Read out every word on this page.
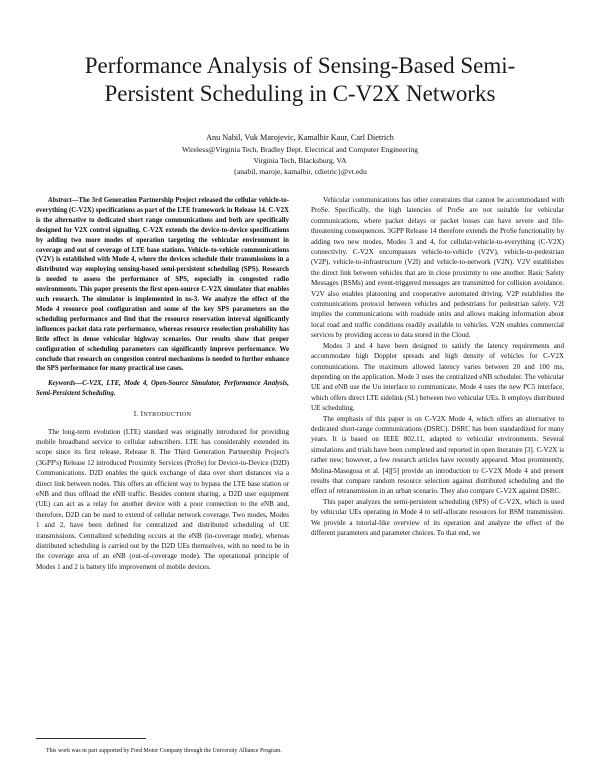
Performance Analysis of Sensing-Based Semi-
Persistent Scheduling in C-V2X Networks
Anu Nabil, Vuk Marojevic, Kamalbir Kaur, Carl Dietrich
Wireless@Virginia Tech, Bradley Dept. Electrical and Computer Engineering
Virginia Tech, Blacksburg, VA
{anabil, maroje, kamalbir, cdietric}@vt.edu

Abstract—The 3rd Generation Partnership Project released the cellular vehicle-to-everything (C-V2X) specifications as part of the LTE framework in Release 14. C-V2X is the alternative to dedicated short range communications and both are specifically designed for V2X control signaling. C-V2X extends the device-to-device specifications by adding two more modes of operation targeting the vehicular environment in coverage and out of coverage of LTE base stations. Vehicle-to-vehicle communications (V2V) is established with Mode 4, where the devices schedule their transmissions in a distributed way employing sensing-based semi-persistent scheduling (SPS). Research is needed to assess the performance of SPS, especially in congested radio environments. This paper presents the first open-source C-V2X simulator that enables such research. The simulator is implemented in ns-3. We analyze the effect of the Mode 4 resource pool configuration and some of the key SPS parameters on the scheduling performance and find that the resource reservation interval significantly influences packet data rate performance, whereas resource reselection probability has little effect in dense vehicular highway scenarios. Our results show that proper configuration of scheduling parameters can significantly improve performance. We conclude that research on congestion control mechanisms is needed to further enhance the SPS performance for many practical use cases.

Keywords—C-V2X, LTE, Mode 4, Open-Source Simulator, Performance Analysis, Semi-Persistent Scheduling.

I. INTRODUCTION

The long-term evolution (LTE) standard was originally introduced for providing mobile broadband service to cellular subscribers. LTE has considerably extended its scope since its first release, Release 8. The Third Generation Partnership Project's (3GPP's) Release 12 introduced Proximity Services (ProSe) for Device-to-Device (D2D) Communications. D2D enables the quick exchange of data over short distances via a direct link between nodes. This offers an efficient way to bypass the LTE base station or eNB and thus offload the eNB traffic. Besides content sharing, a D2D user equipment (UE) can act as a relay for another device with a poor connection to the eNB and, therefore, D2D can be used to extend of cellular network coverage. Two modes, Modes 1 and 2, have been defined for centralized and distributed scheduling of UE transmissions. Centralized scheduling occurs at the eNB (in-coverage mode), whereas distributed scheduling is carried out by the D2D UEs themselves, with no need to be in the coverage area of an eNB (out-of-coverage mode). The operational principle of Modes 1 and 2 is battery life improvement of mobile devices.

Vehicular communications has other constraints that cannot be accommodated with ProSe. Specifically, the high latencies of ProSe are not suitable for vehicular communications, where packet delays or packet losses can have severe and life-threatening consequences. 3GPP Release 14 therefore extends the ProSe functionality by adding two new modes, Modes 3 and 4, for cellular-vehicle-to-everything (C-V2X) connectivity. C-V2X encompasses vehicle-to-vehicle (V2V), vehicle-to-pedestrian (V2P), vehicle-to-infrastructure (V2I) and vehicle-to-network (V2N). V2V establishes the direct link between vehicles that are in close proximity to one another. Basic Safety Messages (BSMs) and event-triggered messages are transmitted for collision avoidance. V2V also enables platooning and cooperative automated driving. V2P establishes the communications protocol between vehicles and pedestrians for pedestrian safety. V2I implies the communications with roadside units and allows making information about local road and traffic conditions readily available to vehicles. V2N enables commercial services by providing access to data stored in the Cloud.

Modes 3 and 4 have been designed to satisfy the latency requirements and accommodate high Doppler spreads and high density of vehicles for C-V2X communications. The maximum allowed latency varies between 20 and 100 ms, depending on the application. Mode 3 uses the centralized eNB scheduler. The vehicular UE and eNB use the Uu interface to communicate. Mode 4 uses the new PC5 interface, which offers direct LTE sidelink (SL) between two vehicular UEs. It employs distributed UE scheduling.

The emphasis of this paper is on C-V2X Mode 4, which offers an alternative to dedicated short-range communications (DSRC). DSRC has been standardized for many years. It is based on IEEE 802.11, adapted to vehicular environments. Several simulations and trials have been completed and reported in open literature [3]. C-V2X is rather new; however, a few research articles have recently appeared. Most prominently, Molina-Masegosa et al. [4][5] provide an introduction to C-V2X Mode 4 and present results that compare random resource selection against distributed scheduling and the effect of retransmission in an urban scenario. They also compare C-V2X against DSRC.

This paper analyzes the semi-persistent scheduling (SPS) of C-V2X, which is used by vehicular UEs operating in Mode 4 to self-allocate resources for BSM transmission. We provide a tutorial-like overview of its operation and analyze the effect of the different parameters and parameter choices. To that end, we

This work was in part supported by Ford Motor Company through the University Alliance Program.
